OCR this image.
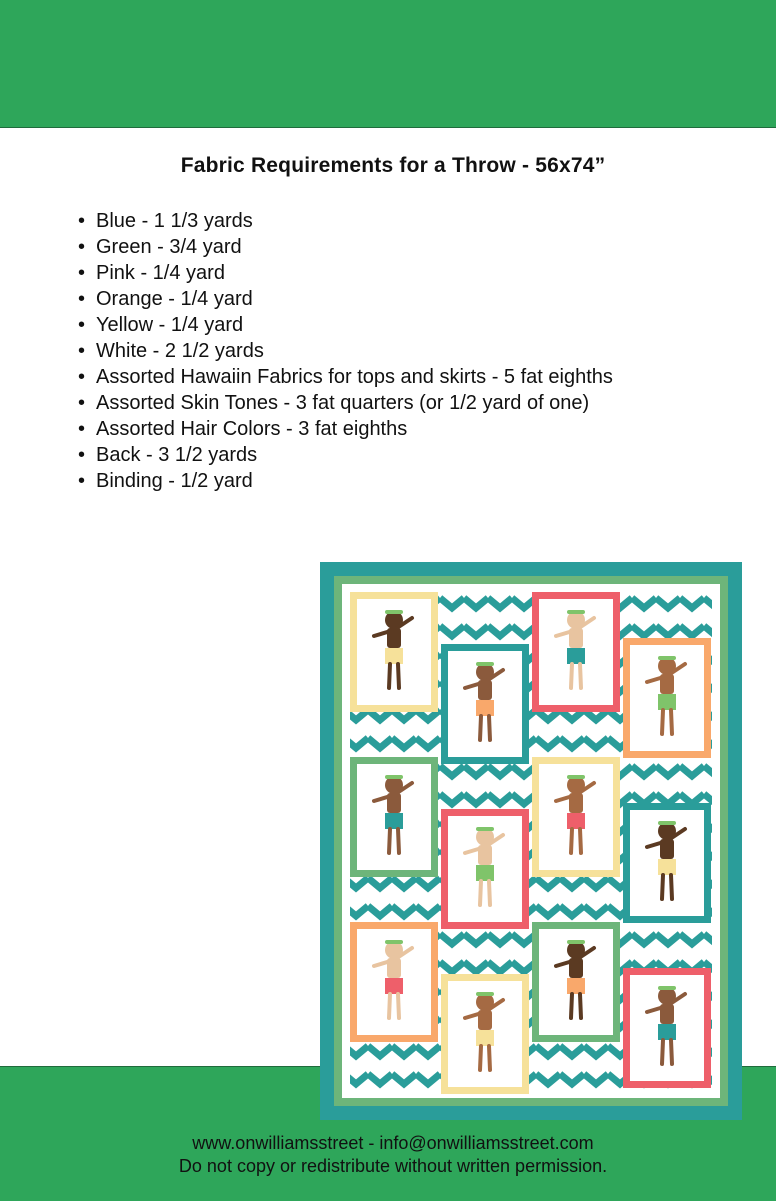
Fabric Requirements for a Throw - 56x74”
• Blue - 1 1/3 yards
• Green - 3/4 yard
• Pink - 1/4 yard
• Orange - 1/4 yard
• Yellow - 1/4 yard
• White - 2 1/2 yards
• Assorted Hawaiin Fabrics for tops and skirts - 5 fat eighths
• Assorted Skin Tones - 3 fat quarters (or 1/2 yard of one)
• Assorted Hair Colors - 3 fat eighths
• Back - 3 1/2 yards
• Binding - 1/2 yard
www.onwilliamsstreet - info@onwilliamsstreet.com
Do not copy or redistribute without written permission.
